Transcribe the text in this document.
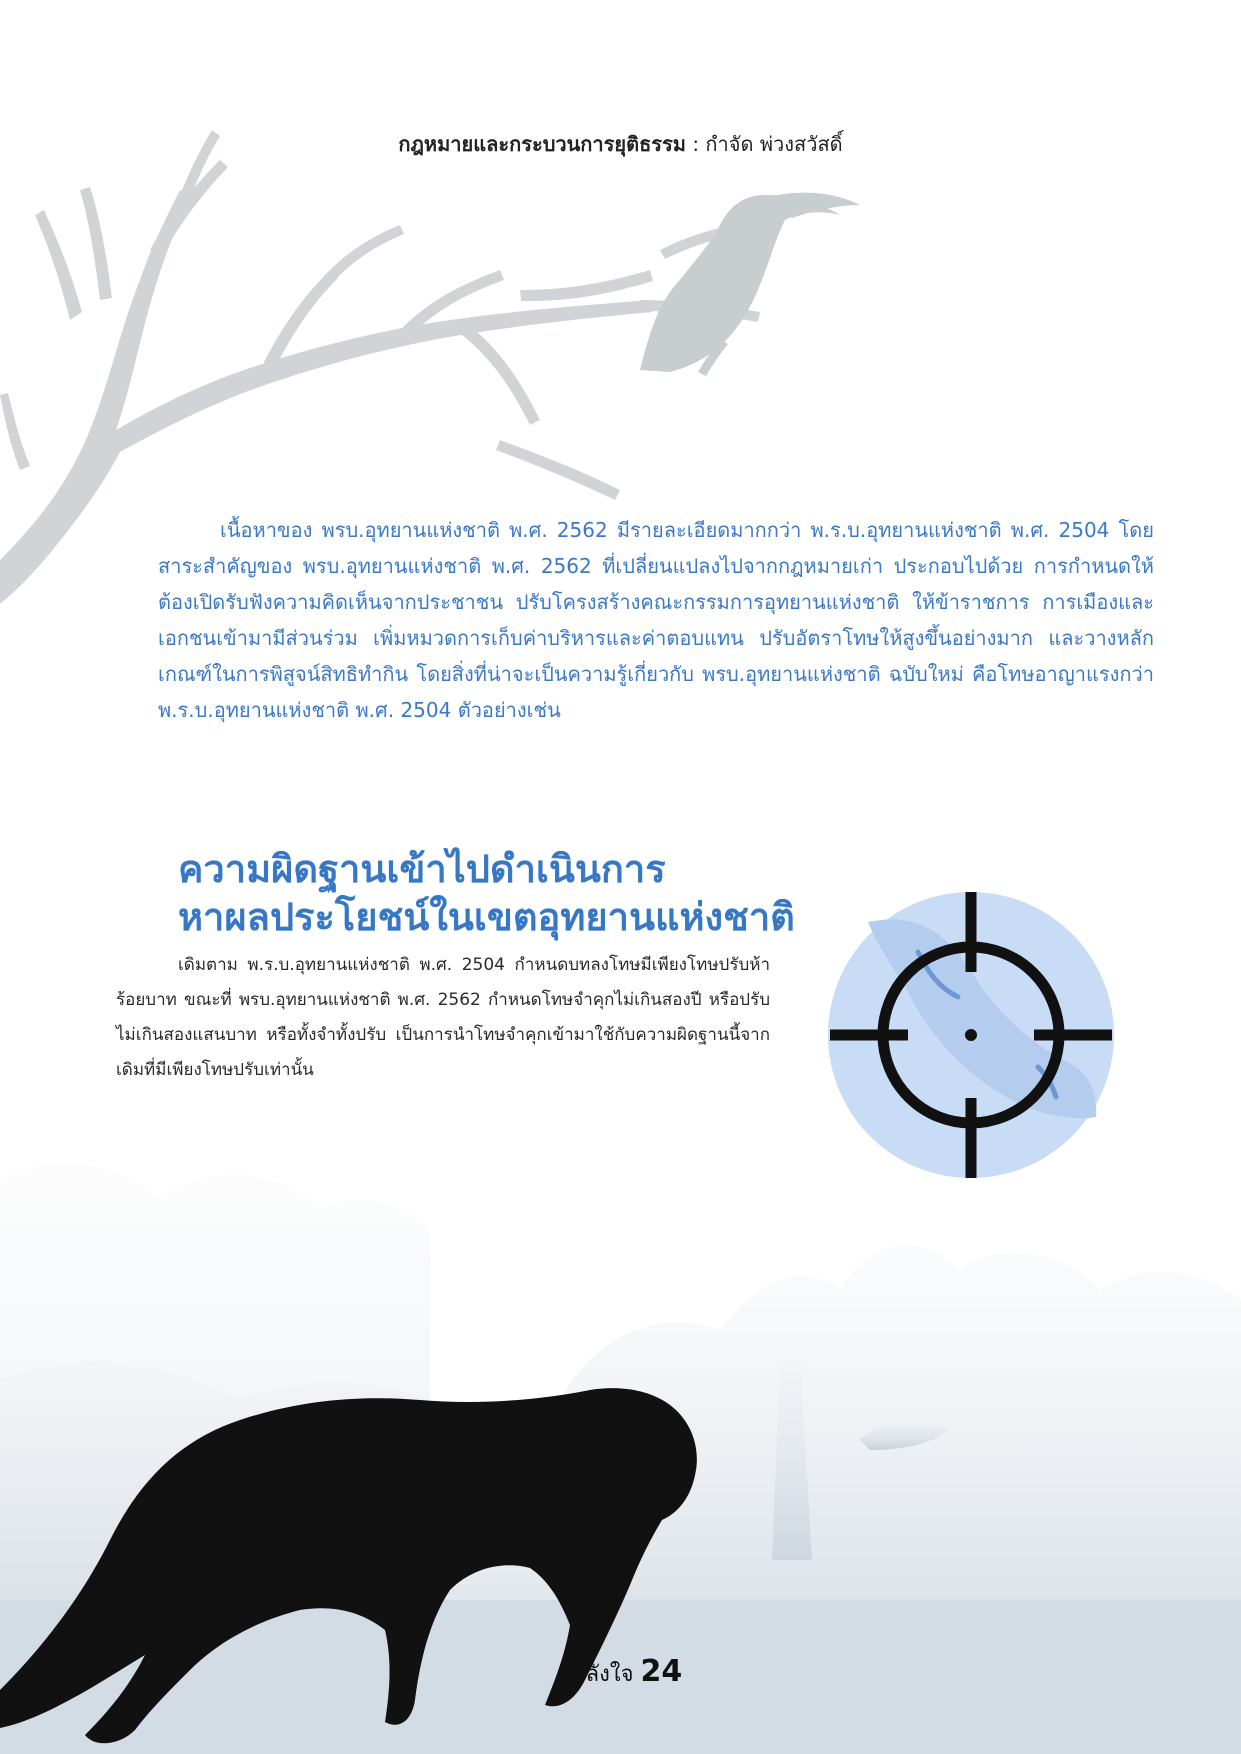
กฎหมายและกระบวนการยุติธรรม : กำจัด พ่วงสวัสดิ์

เนื้อหาของ พรบ.อุทยานแห่งชาติ พ.ศ. 2562 มีรายละเอียดมากกว่า พ.ร.บ.อุทยานแห่งชาติ พ.ศ. 2504 โดยสาระสำคัญของ พรบ.อุทยานแห่งชาติ พ.ศ. 2562 ที่เปลี่ยนแปลงไปจากกฎหมายเก่า ประกอบไปด้วย การกำหนดให้ต้องเปิดรับฟังความคิดเห็นจากประชาชน ปรับโครงสร้างคณะกรรมการอุทยานแห่งชาติ ให้ข้าราชการ การเมืองและเอกชนเข้ามามีส่วนร่วม เพิ่มหมวดการเก็บค่าบริหารและค่าตอบแทน ปรับอัตราโทษให้สูงขึ้นอย่างมาก และวางหลักเกณฑ์ในการพิสูจน์สิทธิทำกิน โดยสิ่งที่น่าจะเป็นความรู้เกี่ยวกับ พรบ.อุทยานแห่งชาติ ฉบับใหม่ คือโทษอาญาแรงกว่า พ.ร.บ.อุทยานแห่งชาติ พ.ศ. 2504 ตัวอย่างเช่น

ความผิดฐานเข้าไปดำเนินการ
หาผลประโยชน์ในเขตอุทยานแห่งชาติ

เดิมตาม พ.ร.บ.อุทยานแห่งชาติ พ.ศ. 2504 กำหนดบทลงโทษมีเพียงโทษปรับห้าร้อยบาท ขณะที่ พรบ.อุทยานแห่งชาติ พ.ศ. 2562 กำหนดโทษจำคุกไม่เกินสองปี หรือปรับไม่เกินสองแสนบาท หรือทั้งจำทั้งปรับ เป็นการนำโทษจำคุกเข้ามาใช้กับความผิดฐานนี้จากเดิมที่มีเพียงโทษปรับเท่านั้น

กำลังใจ 24
